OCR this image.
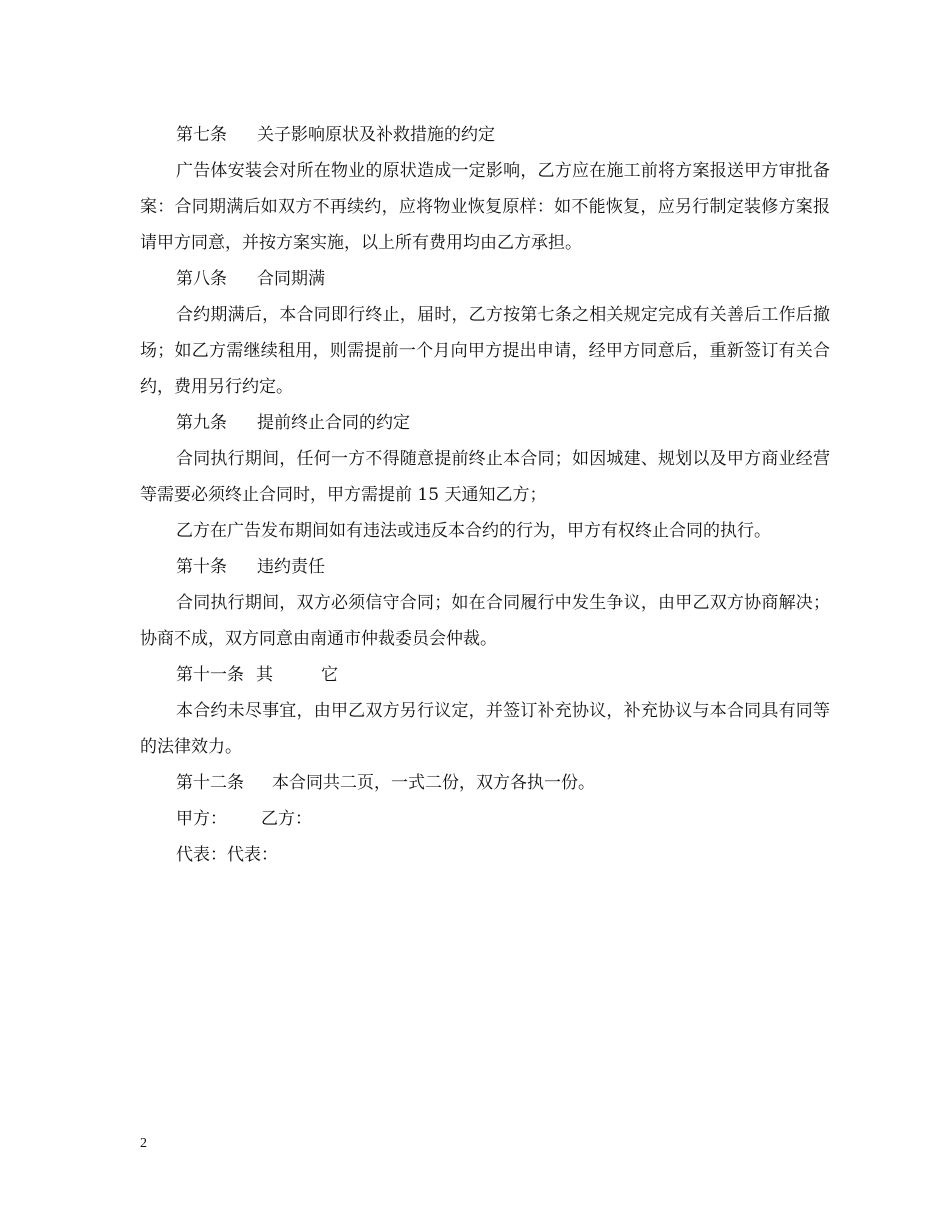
第七条 关子影响原状及补救措施的约定

广告体安装会对所在物业的原状造成一定影响，乙方应在施工前将方案报送甲方审批备案：合同期满后如双方不再续约，应将物业恢复原样：如不能恢复，应另行制定装修方案报请甲方同意，并按方案实施，以上所有费用均由乙方承担。

第八条 合同期满

合约期满后，本合同即行终止，届时，乙方按第七条之相关规定完成有关善后工作后撤场；如乙方需继续租用，则需提前一个月向甲方提出申请，经甲方同意后，重新签订有关合约，费用另行约定。

第九条 提前终止合同的约定

合同执行期间，任何一方不得随意提前终止本合同；如因城建、规划以及甲方商业经营等需要必须终止合同时，甲方需提前 15 天通知乙方；

乙方在广告发布期间如有违法或违反本合约的行为，甲方有权终止合同的执行。

第十条 违约责任

合同执行期间，双方必须信守合同；如在合同履行中发生争议，由甲乙双方协商解决；协商不成，双方同意由南通市仲裁委员会仲裁。

第十一条 其	它

本合约未尽事宜，由甲乙双方另行议定，并签订补充协议，补充协议与本合同具有同等的法律效力。

第十二条 本合同共二页，一式二份，双方各执一份。

甲方： 乙方：

代表：代表：

2
